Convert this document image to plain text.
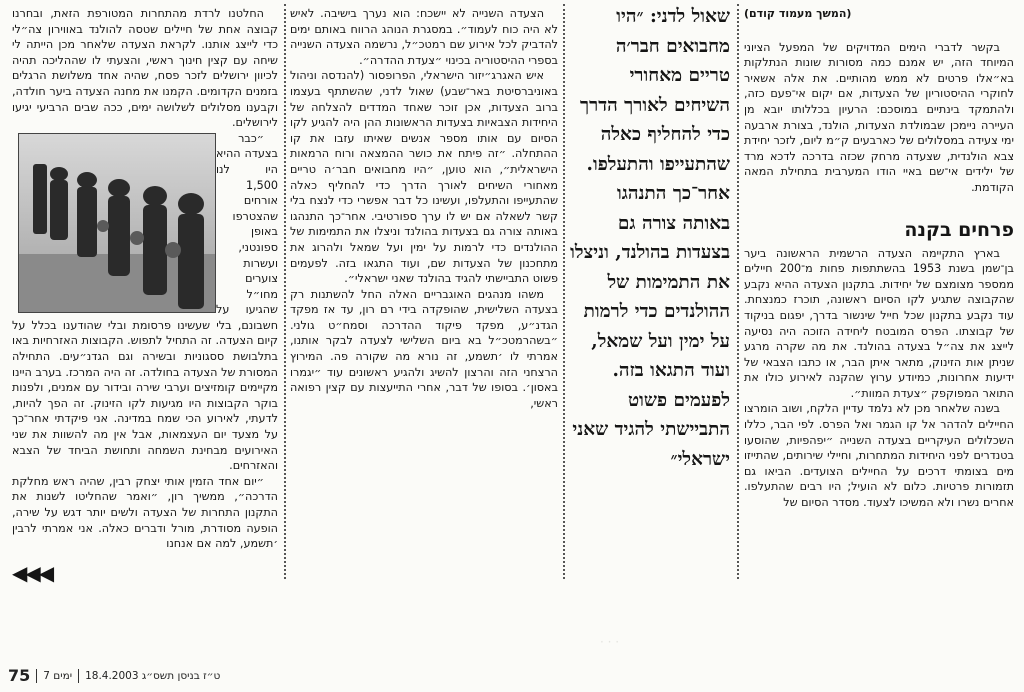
(המשך מעמוד קודם)

בקשר לדברי הימים המדויקים של המפעל הציוני המיוחד הזה, יש אמנם כמה מסורות שונות הנתלקות בא״אלו פרטים לא ממש מהותיים. את אלה אשאיר לחוקרי ההיסטוריון של הצעדות, אם יקום אי־פעם כזה, ולהתמקד בינתיים במוסכם: הרעיון בכללותו יובא מן העיירה ניימכן שבמולדת הצעדות, הולנד, בצורת ארבעה ימי צעידה במסלולים של כארבעים ק״מ ליום, לזכר יחידת צבא הולנדית, שצעדה מרחק שכזה בדרכה לדכא מרד של ילידים אי־שם באיי הודו המערבית בתחילת המאה הקודמת.

פרחים בקנה

בארץ התקיימה הצעדה הרשמית הראשונה ביער בן־שמן בשנת 1953 בהשתתפות פחות מ־200 חיילים ממספר מצומצם של יחידות. בתקנון הצעדה ההיא נקבע שהקבוצה שתגיע לקו הסיום ראשונה, תוכרז כמנצחת. עוד נקבע בתקנון שכל חייל שינשור בדרך, יפגום בניקוד של קבוצתו. הפרס המובטח ליחידה הזוכה היה נסיעה לייצג את צה״ל בצעדה בהולנד. את מה שקרה מרגע שניתן אות הזינוק, מתאר איתן הבר, או כתבו הצבאי של ידיעות אחרונות, כמיודע ערוץ שהקנה לאירוע כולו את התואר המפוקפק ״צעדת המוות״.

בשנה שלאחר מכן לא נלמד עדיין הלקח, ושוב הומרצו החיילים להדהר אל קו הגמר ואל הפרס. לפי הבר, כללו השכלולים העיקריים בצעדה השנייה ״יפהפיות, שהוסעו בטנדרים לפני היחידות המתחרות, וחיילי שירותים, שהתייזו מים בצומתי דרכים על החיילים הצועדים. הביאו גם תזמורות פרטיות. כלום לא הועיל; היו רבים שהתעלפו. אחרים נשרו ולא המשיכו לצעוד. מסדר הסיום של

שאול לדני: ״היו מחבואים חבר׳ה טריים מאחורי השיחים לאורך הדרך כדי להחליף כאלה שהתעייפו והתעלפו. אחר־כך התנהגו באותה צורה גם בצעדות בהולנד, וניצלו את התמימות של ההולנדים כדי לרמות על ימין ועל שמאל, ועוד התגאו בזה. לפעמים פשוט התביישתי להגיד שאני ישראלי״

הצעדה השנייה לא יישכח: הוא נערך בישיבה. לאיש לא היה כוח לעמוד״. במסגרת הנוהג הרווח באותם ימים להדביק לכל אירוע שם רמטכ״ל, נרשמה הצעדה השנייה בספרי ההיסטוריה בכינוי ״צעדת ההדרה״.

איש האגרג״יזור הישראלי, הפרופסור (להנדסה וניהול באוניברסיטת באר־שבע) שאול לדני, שהשתתף בעצמו ברוב הצעדות, אכן זוכר שאחד המדדים להצלחה של היחידות הצבאיות בצעדות הראשונות ההן היה להגיע לקו הסיום עם אותו מספר אנשים שאיתו עזבו את קו ההתחלה. ״זה פיתח את כושר ההמצאה ורוח הרמאות הישראלית״, הוא טוען, ״היו מחבואים חבר׳ה טריים מאחורי השיחים לאורך הדרך כדי להחליף כאלה שהתעייפו והתעלפו, ועשינו כל דבר אפשרי כדי לנצח בלי קשר לשאלה אם יש לו ערך ספורטיבי. אחר־כך התנהגו באותה צורה גם בצעדות בהולנד וניצלו את התמימות של ההולנדים כדי לרמות על ימין ועל שמאל ולהרוג את מתחכנון של הצעדות שם, ועוד התגאו בזה. לפעמים פשוט התביישתי להגיד בהולנד שאני ישראלי״.

משהו מנהגים האוגבריים האלה החל להשתנות רק בצעדה השלישית, שהופקדה בידי רם רון, עד אז מפקד הגדנ״ע, מפקד פיקוד ההדרכה וסמח״ט גולני. ״בשהרמטכ״ל בא ביום השלישי לצעדה לבקר אותנו, אמרתי לו ׳תשמע, זה נורא מה שקורה פה. המירוץ הרצחני הזה והרצון להשיג ולהגיע ראשונים עוד ״יגמרו באסון׳. בסופו של דבר, אחרי התייעצות עם קצין רפואה ראשי,

החלטנו לרדת מהתחרות המטורפת הזאת, ובחרנו קבוצה אחת של חיילים שטסה להולנד באווירון צה״לי כדי לייצג אותנו. לקראת הצעדה שלאחר מכן הייתה לי שיחה עם קצין חינוך ראשי, והצעתי לו שההליכה תהיה לכיוון ירושלים לזכר פסח, שהיה אחד משלושת הרגלים בזמנים הקדומים. הקמנו את מחנה הצעדה ביער חולדה, וקבענו מסלולים לשלושה ימים, ככה שבים הרביעי יגיעו לירושלים.

״כבר בצעדה ההיא היו לנו 1,500 אורחים שהצטרפו באופן ספונטני, ועשרות צוערים מחו״ל שהגיעו על חשבונם, בלי שעשינו פרסומת ובלי שהודענו בכלל על קיום הצעדה. זה התחיל לתפוש. הקבוצות האזרחיות באו בתלבושת ססגוניות ובשירה וגם הגדנ״עים. התחילה המסורת של הצעדה בחולדה. זה היה המרכז. בערב היינו מקיימים קומזיצים וערבי שירה ובידור עם אמנים, ולפנות בוקר הקבוצות היו מגיעות לקו הזינוק. זה הפך להיות, לדעתי, לאירוע הכי שמח במדינה. אני פיקדתי אחר־כך על מצעד יום העצמאות, אבל אין מה להשוות את שני האירועים מבחינת השמחה ותחושת הביחד של הצבא והאזרחים.

״יום אחד הזמין אותי יצחק רבין, שהיה ראש מחלקת הדרכה״, ממשיך רון, ״ואמר שהחליטו לשנות את התקנון התחרות של הצעדה ולשים יותר דגש על שירה, הופעה מסודרת, מורל ודברים כאלה. אני אמרתי לרבין ׳תשמע, למה אם אנחנו

◀◀◀
· · ·
75 7 ימים 18.4.2003 ט״ז בניסן תשס״ג
